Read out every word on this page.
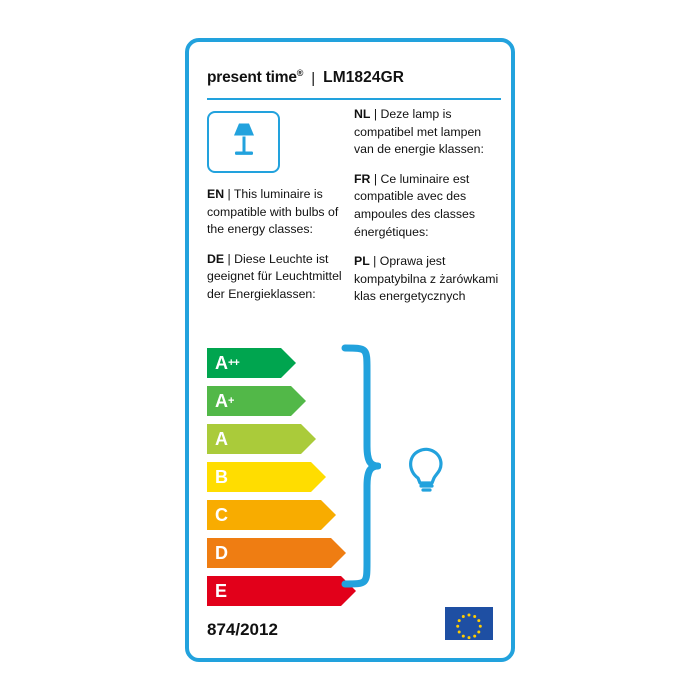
present time® | LM1824GR
EN | This luminaire is compatible with bulbs of the energy classes:
DE | Diese Leuchte ist geeignet für Leuchtmittel der Energieklassen:
NL | Deze lamp is compatibel met lampen van de energie klassen:
FR | Ce luminaire est compatible avec des ampoules des classes énergétiques:
PL | Oprawa jest kompatybilna z żarówkami klas energetycznych
A ++
A +
A
B
C
D
E
874/2012
